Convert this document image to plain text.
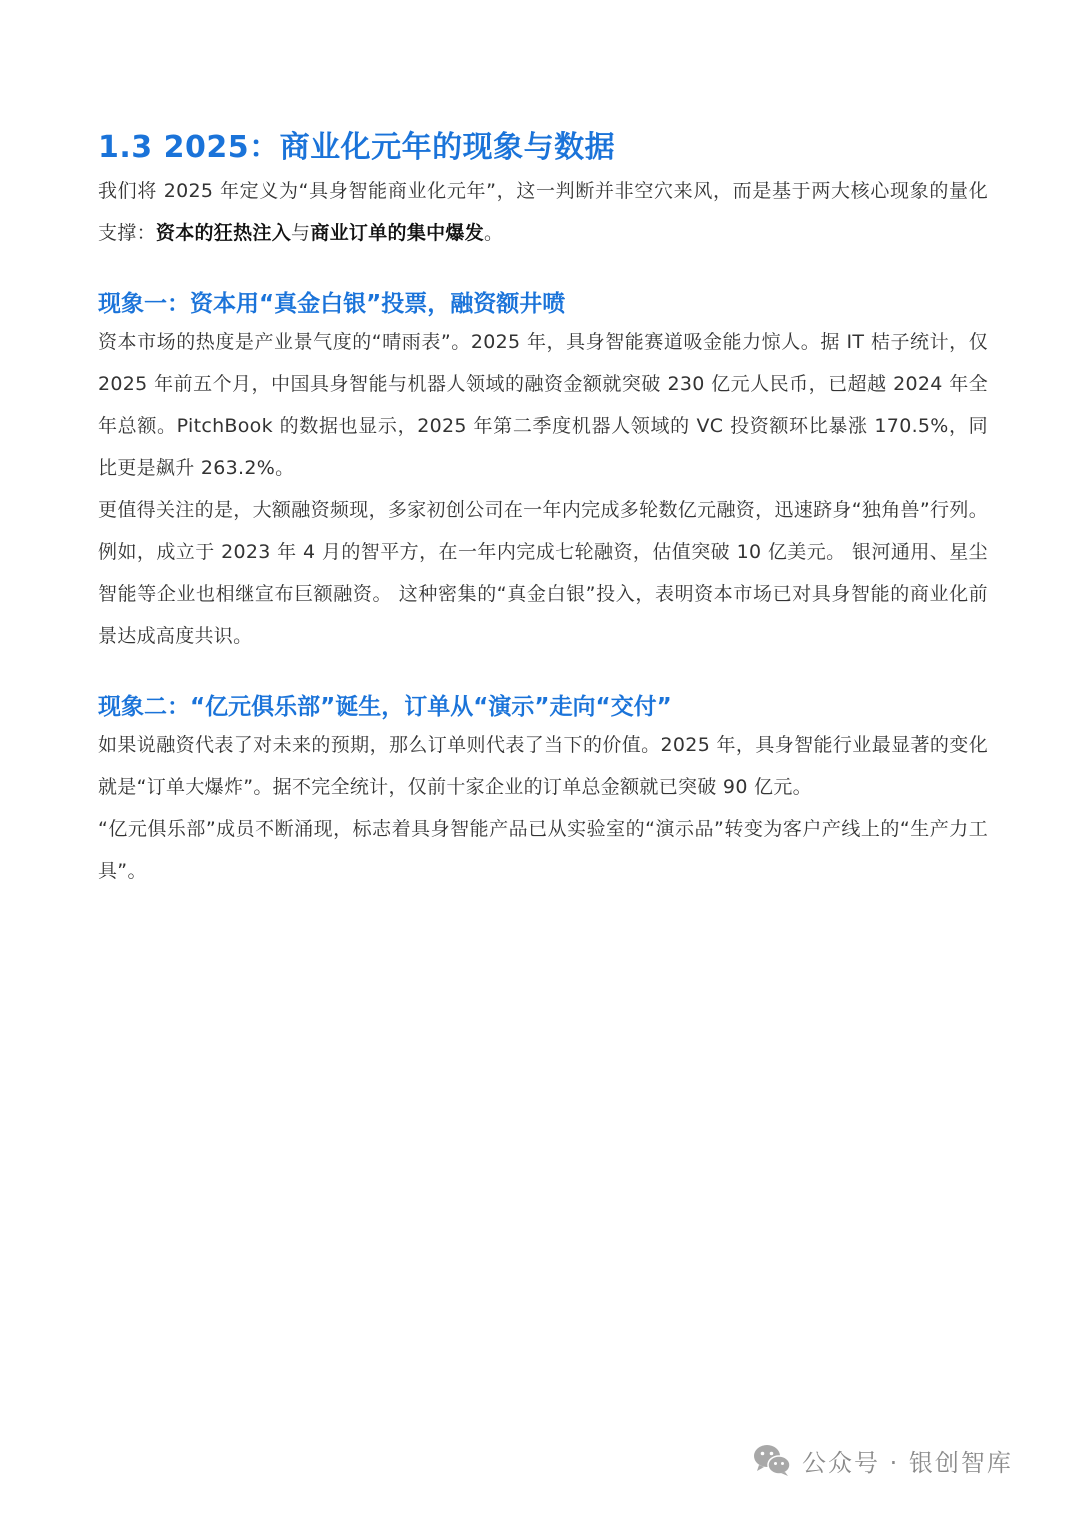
1.3 2025：商业化元年的现象与数据

我们将 2025 年定义为“具身智能商业化元年”，这一判断并非空穴来风，而是基于两大核心现象的量化支撑：资本的狂热注入与商业订单的集中爆发。

现象一：资本用“真金白银”投票，融资额井喷

资本市场的热度是产业景气度的“晴雨表”。2025 年，具身智能赛道吸金能力惊人。据 IT 桔子统计，仅 2025 年前五个月，中国具身智能与机器人领域的融资金额就突破 230 亿元人民币，已超越 2024 年全年总额。PitchBook 的数据也显示，2025 年第二季度机器人领域的 VC 投资额环比暴涨 170.5%，同比更是飙升 263.2%。

更值得关注的是，大额融资频现，多家初创公司在一年内完成多轮数亿元融资，迅速跻身“独角兽”行列。例如，成立于 2023 年 4 月的智平方，在一年内完成七轮融资，估值突破 10 亿美元。 银河通用、星尘智能等企业也相继宣布巨额融资。 这种密集的“真金白银”投入，表明资本市场已对具身智能的商业化前景达成高度共识。

现象二：“亿元俱乐部”诞生，订单从“演示”走向“交付”

如果说融资代表了对未来的预期，那么订单则代表了当下的价值。2025 年，具身智能行业最显著的变化就是“订单大爆炸”。据不完全统计，仅前十家企业的订单总金额就已突破 90 亿元。

“亿元俱乐部”成员不断涌现，标志着具身智能产品已从实验室的“演示品”转变为客户产线上的“生产力工具”。

公众号 · 银创智库
